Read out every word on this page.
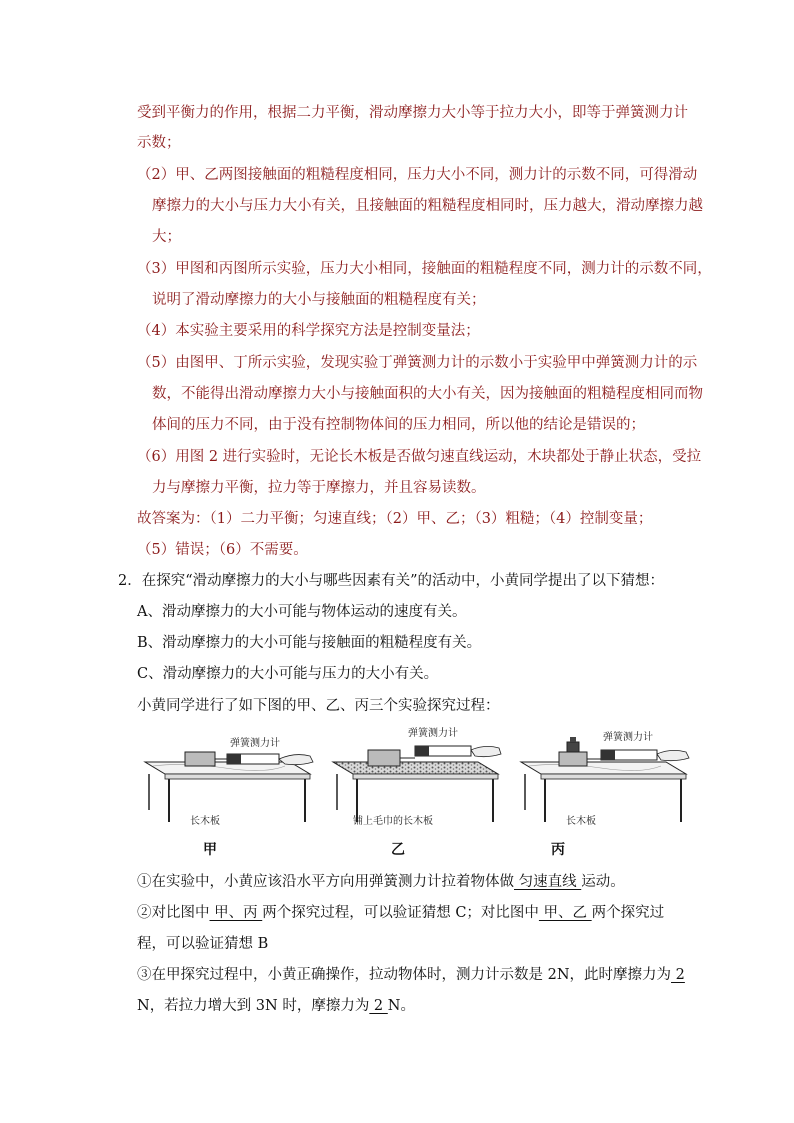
受到平衡力的作用，根据二力平衡，滑动摩擦力大小等于拉力大小，即等于弹簧测力计
示数；
（2）甲、乙两图接触面的粗糙程度相同，压力大小不同，测力计的示数不同，可得滑动
摩擦力的大小与压力大小有关，且接触面的粗糙程度相同时，压力越大，滑动摩擦力越
大；
（3）甲图和丙图所示实验，压力大小相同，接触面的粗糙程度不同，测力计的示数不同，
说明了滑动摩擦力的大小与接触面的粗糙程度有关；
（4）本实验主要采用的科学探究方法是控制变量法；
（5）由图甲、丁所示实验，发现实验丁弹簧测力计的示数小于实验甲中弹簧测力计的示
数，不能得出滑动摩擦力大小与接触面积的大小有关，因为接触面的粗糙程度相同而物
体间的压力不同，由于没有控制物体间的压力相同，所以他的结论是错误的；
（6）用图 2 进行实验时，无论长木板是否做匀速直线运动，木块都处于静止状态，受拉
力与摩擦力平衡，拉力等于摩擦力，并且容易读数。
故答案为：（1）二力平衡；匀速直线；（2）甲、乙；（3）粗糙；（4）控制变量；
（5）错误；（6）不需要。
2．在探究“滑动摩擦力的大小与哪些因素有关”的活动中，小黄同学提出了以下猜想：
A、滑动摩擦力的大小可能与物体运动的速度有关。
B、滑动摩擦力的大小可能与接触面的粗糙程度有关。
C、滑动摩擦力的大小可能与压力的大小有关。
小黄同学进行了如下图的甲、乙、丙三个实验探究过程：
弹簧测力计
长木板
甲
弹簧测力计
铺上毛巾的长木板
乙
弹簧测力计
长木板
丙
①在实验中，小黄应该沿水平方向用弹簧测力计拉着物体做 匀速直线 运动。
②对比图中 甲、丙 两个探究过程，可以验证猜想 C；对比图中 甲、乙 两个探究过
程，可以验证猜想 B
③在甲探究过程中，小黄正确操作，拉动物体时，测力计示数是 2N，此时摩擦力为 2
N，若拉力增大到 3N 时，摩擦力为 2 N。
